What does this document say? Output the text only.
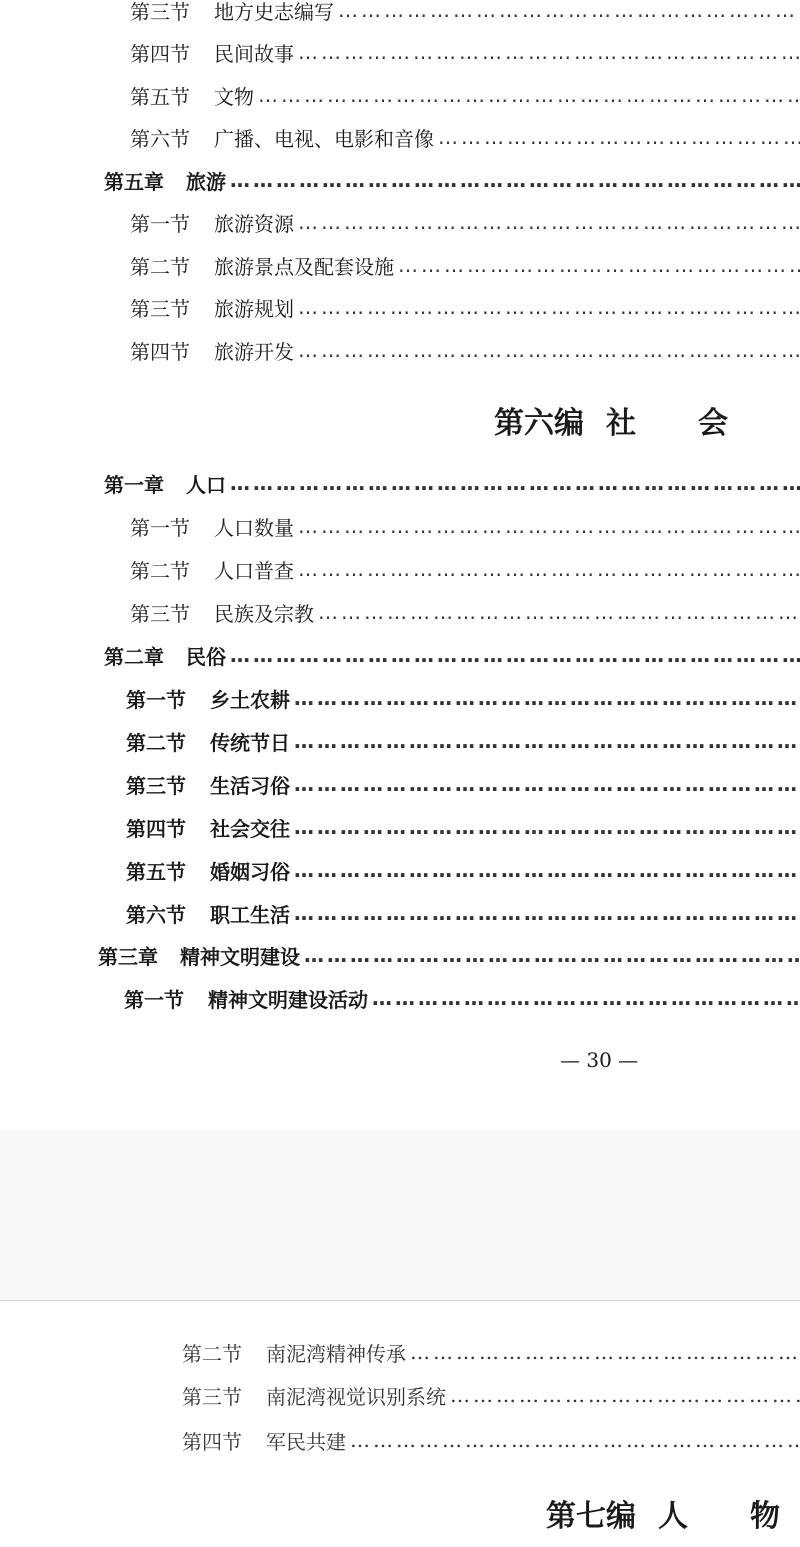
第三节 地方史志编写
……………………………………………………………………………………………………………………………………………………………………
第四节 民间故事
……………………………………………………………………………………………………………………………………………………………………
第五节 文物
……………………………………………………………………………………………………………………………………………………………………
第六节 广播、电视、电影和音像
……………………………………………………………………………………………………………………………………………………………………
第五章 旅游
……………………………………………………………………………………………………………………………………………………………………
第一节 旅游资源
……………………………………………………………………………………………………………………………………………………………………
第二节 旅游景点及配套设施
……………………………………………………………………………………………………………………………………………………………………
第三节 旅游规划
……………………………………………………………………………………………………………………………………………………………………
第四节 旅游开发
……………………………………………………………………………………………………………………………………………………………………
第六编 社 会
第一章 人口
……………………………………………………………………………………………………………………………………………………………………
第一节 人口数量
……………………………………………………………………………………………………………………………………………………………………
第二节 人口普查
……………………………………………………………………………………………………………………………………………………………………
第三节 民族及宗教
……………………………………………………………………………………………………………………………………………………………………
第二章 民俗
……………………………………………………………………………………………………………………………………………………………………
第一节 乡土农耕
……………………………………………………………………………………………………………………………………………………………………
第二节 传统节日
……………………………………………………………………………………………………………………………………………………………………
第三节 生活习俗
……………………………………………………………………………………………………………………………………………………………………
第四节 社会交往
……………………………………………………………………………………………………………………………………………………………………
第五节 婚姻习俗
……………………………………………………………………………………………………………………………………………………………………
第六节 职工生活
……………………………………………………………………………………………………………………………………………………………………
第三章 精神文明建设
……………………………………………………………………………………………………………………………………………………………………
第一节 精神文明建设活动
……………………………………………………………………………………………………………………………………………………………………
— 30 —
第二节 南泥湾精神传承
……………………………………………………………………………………………………………………………………………………………………
第三节 南泥湾视觉识别系统
……………………………………………………………………………………………………………………………………………………………………
第四节 军民共建
……………………………………………………………………………………………………………………………………………………………………
第七编 人 物
